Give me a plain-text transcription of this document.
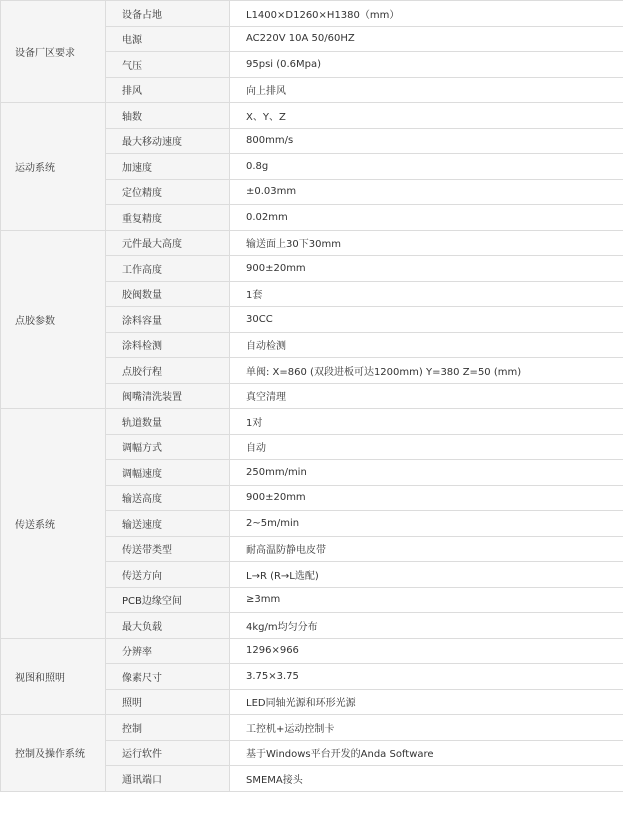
设备厂区要求	设备占地	L1400×D1260×H1380（mm）
	电源	AC220V 10A 50/60HZ
	气压	95psi (0.6Mpa)
	排风	向上排风
运动系统	轴数	X、Y、Z
	最大移动速度	800mm/s
	加速度	0.8g
	定位精度	±0.03mm
	重复精度	0.02mm
点胶参数	元件最大高度	输送面上30下30mm
	工作高度	900±20mm
	胶阀数量	1套
	涂料容量	30CC
	涂料检测	自动检测
	点胶行程	单阀: X=860 (双段进板可达1200mm) Y=380 Z=50 (mm)
	阀嘴清洗装置	真空清理
传送系统	轨道数量	1对
	调幅方式	自动
	调幅速度	250mm/min
	输送高度	900±20mm
	输送速度	2~5m/min
	传送带类型	耐高温防静电皮带
	传送方向	L→R (R→L选配)
	PCB边缘空间	≥3mm
	最大负载	4kg/m均匀分布
视图和照明	分辨率	1296×966
	像素尺寸	3.75×3.75
	照明	LED同轴光源和环形光源
控制及操作系统	控制	工控机+运动控制卡
	运行软件	基于Windows平台开发的Anda Software
	通讯端口	SMEMA接头
